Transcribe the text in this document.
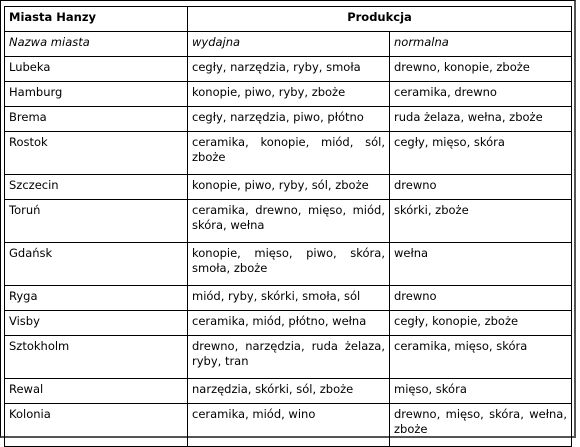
Miasta Hanzy	Produkcja	
Nazwa miasta	wydajna	normalna
Lubeka	cegły, narzędzia, ryby, smoła	drewno, konopie, zboże
Hamburg	konopie, piwo, ryby, zboże	ceramika, drewno
Brema	cegły, narzędzia, piwo, płótno	ruda żelaza, wełna, zboże
Rostok	ceramika, konopie, miód, sól, zboże	cegły, mięso, skóra
Szczecin	konopie, piwo, ryby, sól, zboże	drewno
Toruń	ceramika, drewno, mięso, miód, skóra, wełna	skórki, zboże
Gdańsk	konopie, mięso, piwo, skóra, smoła, zboże	wełna
Ryga	miód, ryby, skórki, smoła, sól	drewno
Visby	ceramika, miód, płótno, wełna	cegły, konopie, zboże
Sztokholm	drewno, narzędzia, ruda żelaza, ryby, tran	ceramika, mięso, skóra
Rewal	narzędzia, skórki, sól, zboże	mięso, skóra
Kolonia	ceramika, miód, wino	drewno, mięso, skóra, wełna, zboże
